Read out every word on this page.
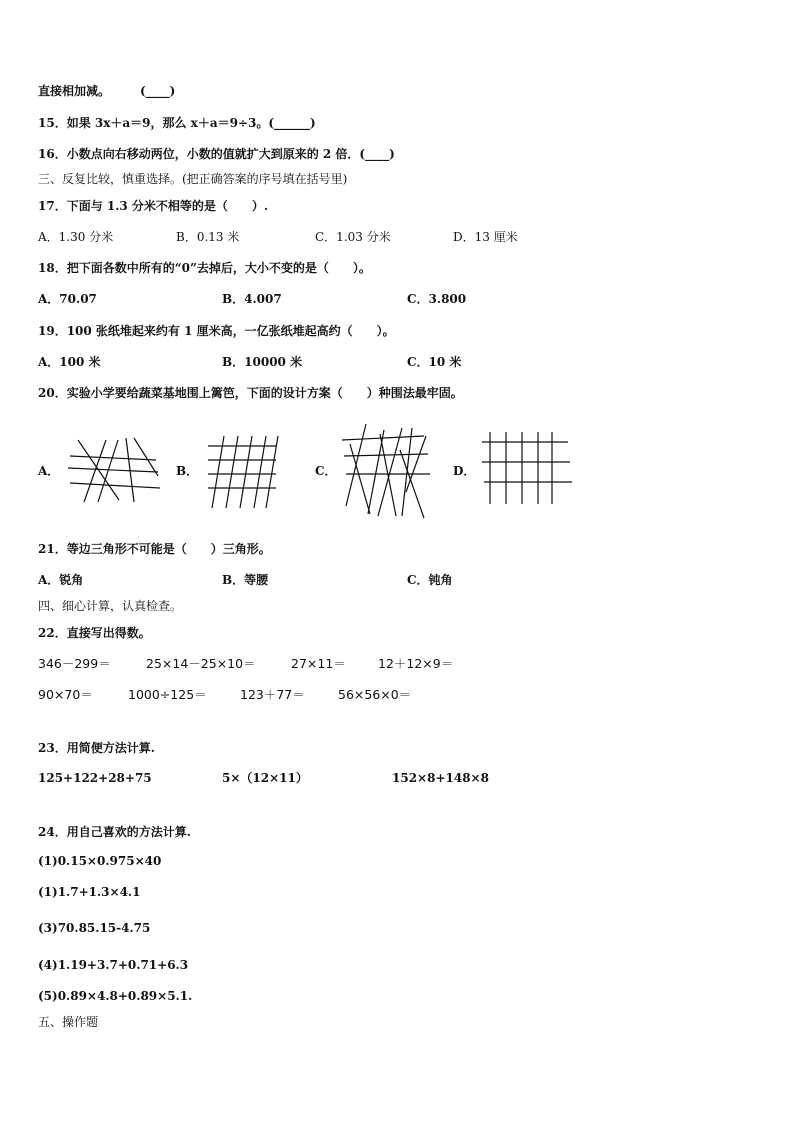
直接相加减。　　　(____)
15．如果 3x＋a＝9，那么 x＋a＝9÷3。(______)
16．小数点向右移动两位，小数的值就扩大到原来的 2 倍．(____)
三、反复比较，慎重选择。(把正确答案的序号填在括号里)
17．下面与 1.3 分米不相等的是（　　）.
A．1.30 分米	B．0.13 米	C．1.03 分米	D．13 厘米
18．把下面各数中所有的“0”去掉后，大小不变的是（　　）。
A．70.07	B．4.007	C．3.800
19．100 张纸堆起来约有 1 厘米高，一亿张纸堆起高约（　　）。
A．100 米	B．10000 米	C．10 米
20．实验小学要给蔬菜基地围上篱笆，下面的设计方案（　　）种围法最牢固。
A．	B．	C．	D．
21．等边三角形不可能是（　　）三角形。
A．锐角	B．等腰	C．钝角
四、细心计算，认真检查。
22．直接写出得数。
346－299＝	25×14－25×10＝	27×11＝	12＋12×9＝
90×70＝	1000÷125＝	123＋77＝	56×56×0＝
23．用简便方法计算.
125+122+28+75	5×（12×11）	152×8+148×8
24．用自己喜欢的方法计算.
(1)0.15×0.975×40
(1)1.7+1.3×4.1
(3)70.85.15-4.75
(4)1.19+3.7+0.71+6.3
(5)0.89×4.8+0.89×5.1.
五、操作题
